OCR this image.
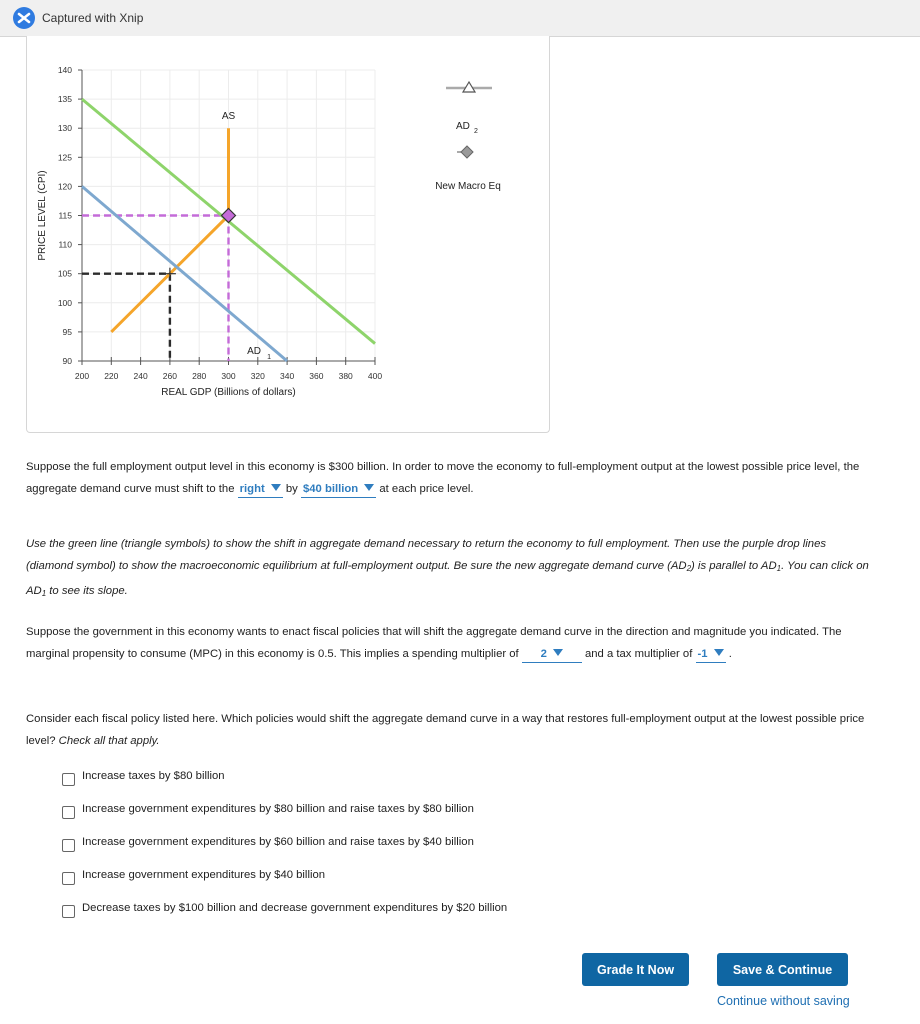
Captured with Xnip
90
95
100
105
110
115
120
125
130
135
140
200 220 240 260 280 300 320 340 360 380 400
REAL GDP (Billions of dollars)
PRICE LEVEL (CPI)
AS
AD
1
AD 2
New Macro Eq
Suppose the full employment output level in this economy is $300 billion. In order to move the economy to full-employment output at the lowest possible price level, the aggregate demand curve must shift to the right by $40 billion at each price level.
Use the green line (triangle symbols) to show the shift in aggregate demand necessary to return the economy to full employment. Then use the purple drop lines (diamond symbol) to show the macroeconomic equilibrium at full-employment output. Be sure the new aggregate demand curve $(AD_2)$ is parallel to $AD_1$. You can click on $AD_1$ to see its slope.
Suppose the government in this economy wants to enact fiscal policies that will shift the aggregate demand curve in the direction and magnitude you indicated. The marginal propensity to consume (MPC) in this economy is 0.5. This implies a spending multiplier of 2	and a tax multiplier of -1 .
Consider each fiscal policy listed here. Which policies would shift the aggregate demand curve in a way that restores full-employment output at the lowest possible price level? Check all that apply.
Increase taxes by $80 billion
Increase government expenditures by $80 billion and raise taxes by $80 billion
Increase government expenditures by $60 billion and raise taxes by $40 billion
Increase government expenditures by $40 billion
Decrease taxes by $100 billion and decrease government expenditures by $20 billion
Grade It Now	Save & Continue
Continue without saving
